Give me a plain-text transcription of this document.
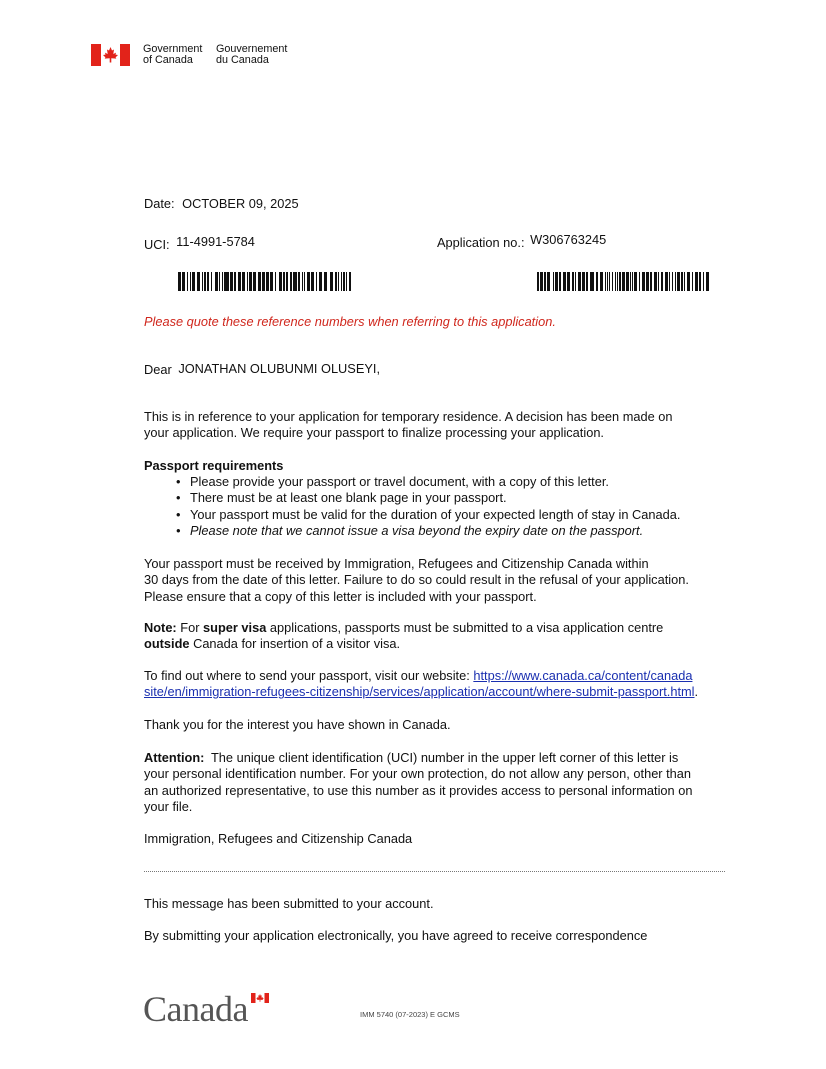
Government
of Canada
Gouvernement
du Canada
Date: OCTOBER 09, 2025
UCI: 11-4991-5784	Application no.: W306763245
Please quote these reference numbers when referring to this application.
Dear JONATHAN OLUBUNMI OLUSEYI,
This is in reference to your application for temporary residence. A decision has been made on
your application. We require your passport to finalize processing your application.
Passport requirements
• Please provide your passport or travel document, with a copy of this letter.
• There must be at least one blank page in your passport.
• Your passport must be valid for the duration of your expected length of stay in Canada.
• Please note that we cannot issue a visa beyond the expiry date on the passport.
Your passport must be received by Immigration, Refugees and Citizenship Canada within
30 days from the date of this letter. Failure to do so could result in the refusal of your application.
Please ensure that a copy of this letter is included with your passport.
Note: For super visa applications, passports must be submitted to a visa application centre
outside Canada for insertion of a visitor visa.
To find out where to send your passport, visit our website: https://www.canada.ca/content/canada
site/en/immigration-refugees-citizenship/services/application/account/where-submit-passport.html.
Thank you for the interest you have shown in Canada.
Attention: The unique client identification (UCI) number in the upper left corner of this letter is
your personal identification number. For your own protection, do not allow any person, other than
an authorized representative, to use this number as it provides access to personal information on
your file.
Immigration, Refugees and Citizenship Canada
This message has been submitted to your account.
By submitting your application electronically, you have agreed to receive correspondence
Canada	IMM 5740 (07-2023) E GCMS
